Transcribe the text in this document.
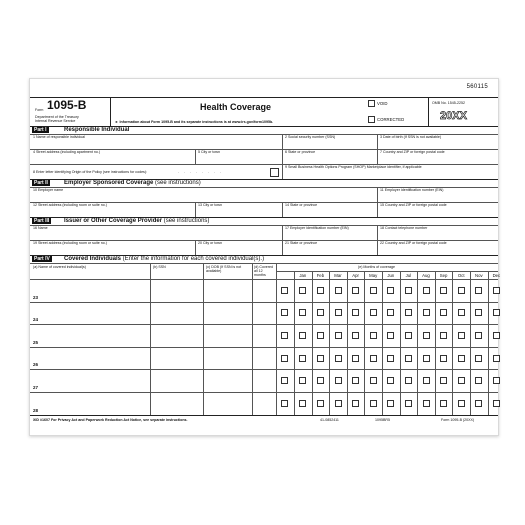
560115
Form 1095-B
Department of the Treasury
Internal Revenue Service
Health Coverage
► Information about Form 1095-B and its separate instructions is at www.irs.gov/form1095b.
VOID
CORRECTED
OMB No. 1545-2252
20XX
Part I	Responsible Individual
1 Name of responsible individual	2 Social security number (SSN)	3 Date of birth (If SSN is not available)
4 Street address (including apartment no.)	5 City or town	6 State or province	7 Country and ZIP or foreign postal code
8 Enter letter identifying Origin of the Policy (see instructions for codes):	. . . . . . . .
9 Small Business Health Options Program (SHOP) Marketplace identifier, if applicable
Part II	Employer Sponsored Coverage (see instructions)
10 Employer name	11 Employer identification number (EIN)
12 Street address (including room or suite no.)	13 City or town	14 State or province	15 Country and ZIP or foreign postal code
Part III	Issuer or Other Coverage Provider (see instructions)
16 Name	17 Employer identification number (EIN)	18 Contact telephone number
19 Street address (including room or suite no.)	20 City or town	21 State or province	22 Country and ZIP or foreign postal code
Part IV	Covered Individuals (Enter the information for each covered individual(s).)
(a) Name of covered individual(s)	(b) SSN	(c) DOB (If SSN is not available)
(d) Covered all 12 months
(e) Months of coverage
Jan	Feb	Mar	Apr	May	Jun	Jul	Aug	Sep	Oct	Nov	Dec
23
24
25
26
27
28
XID #1607 For Privacy Act and Paperwork Reduction Act Notice, see separate instructions.	41-0852411	1095BR5	Form 1095-B (20XX)
